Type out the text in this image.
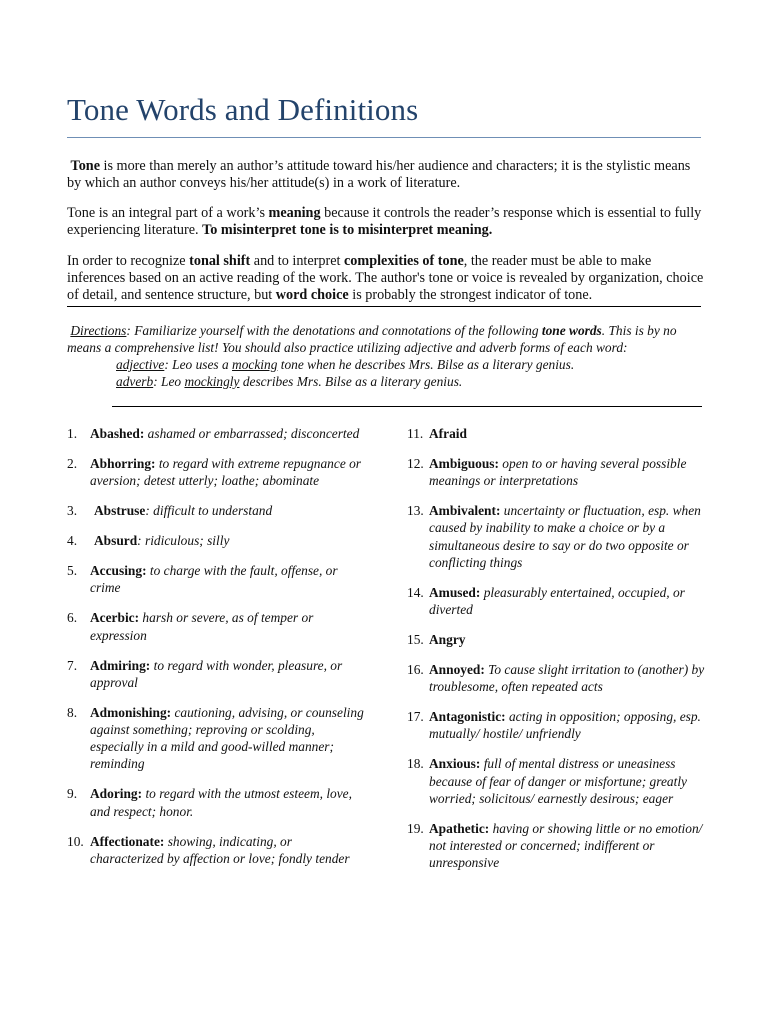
Tone Words and Definitions
Tone is more than merely an author’s attitude toward his/her audience and characters; it is the stylistic means by which an author conveys his/her attitude(s) in a work of literature.
Tone is an integral part of a work’s meaning because it controls the reader’s response which is essential to fully experiencing literature. To misinterpret tone is to misinterpret meaning.
In order to recognize tonal shift and to interpret complexities of tone, the reader must be able to make inferences based on an active reading of the work. The author's tone or voice is revealed by organization, choice of detail, and sentence structure, but word choice is probably the strongest indicator of tone.
Directions: Familiarize yourself with the denotations and connotations of the following tone words. This is by no means a comprehensive list! You should also practice utilizing adjective and adverb forms of each word:
adjective: Leo uses a mocking tone when he describes Mrs. Bilse as a literary genius.
adverb: Leo mockingly describes Mrs. Bilse as a literary genius.
1. Abashed: ashamed or embarrassed; disconcerted
2. Abhorring: to regard with extreme repugnance or aversion; detest utterly; loathe; abominate
3.	Abstruse: difficult to understand
4.	Absurd: ridiculous; silly
5. Accusing: to charge with the fault, offense, or crime
6. Acerbic: harsh or severe, as of temper or expression
7. Admiring: to regard with wonder, pleasure, or approval
8. Admonishing: cautioning, advising, or counseling against something; reproving or scolding, especially in a mild and good-willed manner; reminding
9. Adoring: to regard with the utmost esteem, love, and respect; honor.
10. Affectionate: showing, indicating, or characterized by affection or love; fondly tender
11. Afraid
12. Ambiguous: open to or having several possible meanings or interpretations
13. Ambivalent: uncertainty or fluctuation, esp. when caused by inability to make a choice or by a simultaneous desire to say or do two opposite or conflicting things
14. Amused: pleasurably entertained, occupied, or diverted
15. Angry
16. Annoyed: To cause slight irritation to (another) by troublesome, often repeated acts
17. Antagonistic: acting in opposition; opposing, esp. mutually/ hostile/ unfriendly
18. Anxious: full of mental distress or uneasiness because of fear of danger or misfortune; greatly worried; solicitous/ earnestly desirous; eager
19. Apathetic: having or showing little or no emotion/ not interested or concerned; indifferent or unresponsive
